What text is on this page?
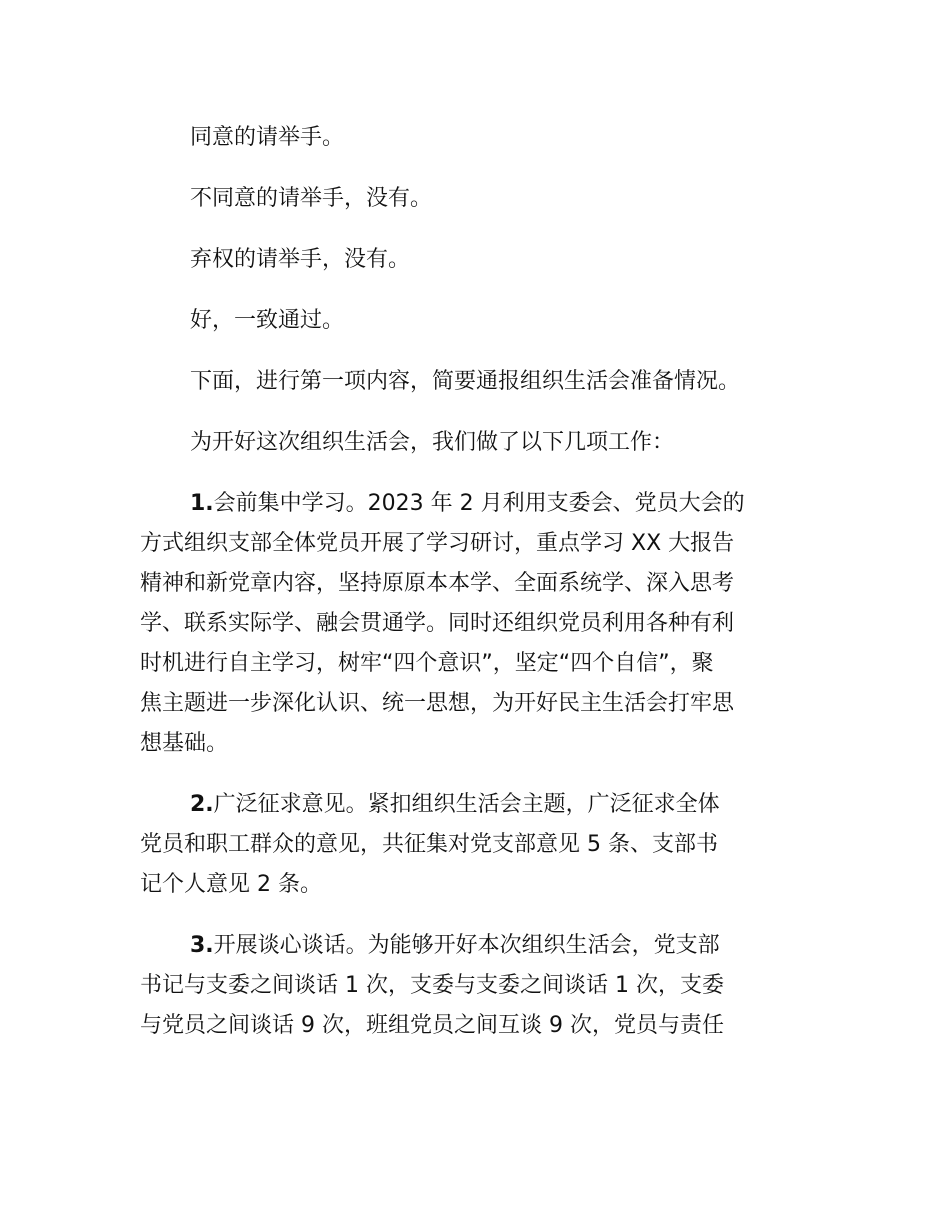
同意的请举手。

不同意的请举手，没有。

弃权的请举手，没有。

好，一致通过。

下面，进行第一项内容，简要通报组织生活会准备情况。

为开好这次组织生活会，我们做了以下几项工作：

1.会前集中学习。2023 年 2 月利用支委会、党员大会的

方式组织支部全体党员开展了学习研讨，重点学习 XX 大报告

精神和新党章内容，坚持原原本本学、全面系统学、深入思考

学、联系实际学、融会贯通学。同时还组织党员利用各种有利

时机进行自主学习，树牢“四个意识”，坚定“四个自信”，聚

焦主题进一步深化认识、统一思想，为开好民主生活会打牢思

想基础。

2.广泛征求意见。紧扣组织生活会主题，广泛征求全体

党员和职工群众的意见，共征集对党支部意见 5 条、支部书

记个人意见 2 条。

3.开展谈心谈话。为能够开好本次组织生活会，党支部

书记与支委之间谈话 1 次，支委与支委之间谈话 1 次，支委

与党员之间谈话 9 次，班组党员之间互谈 9 次，党员与责任
